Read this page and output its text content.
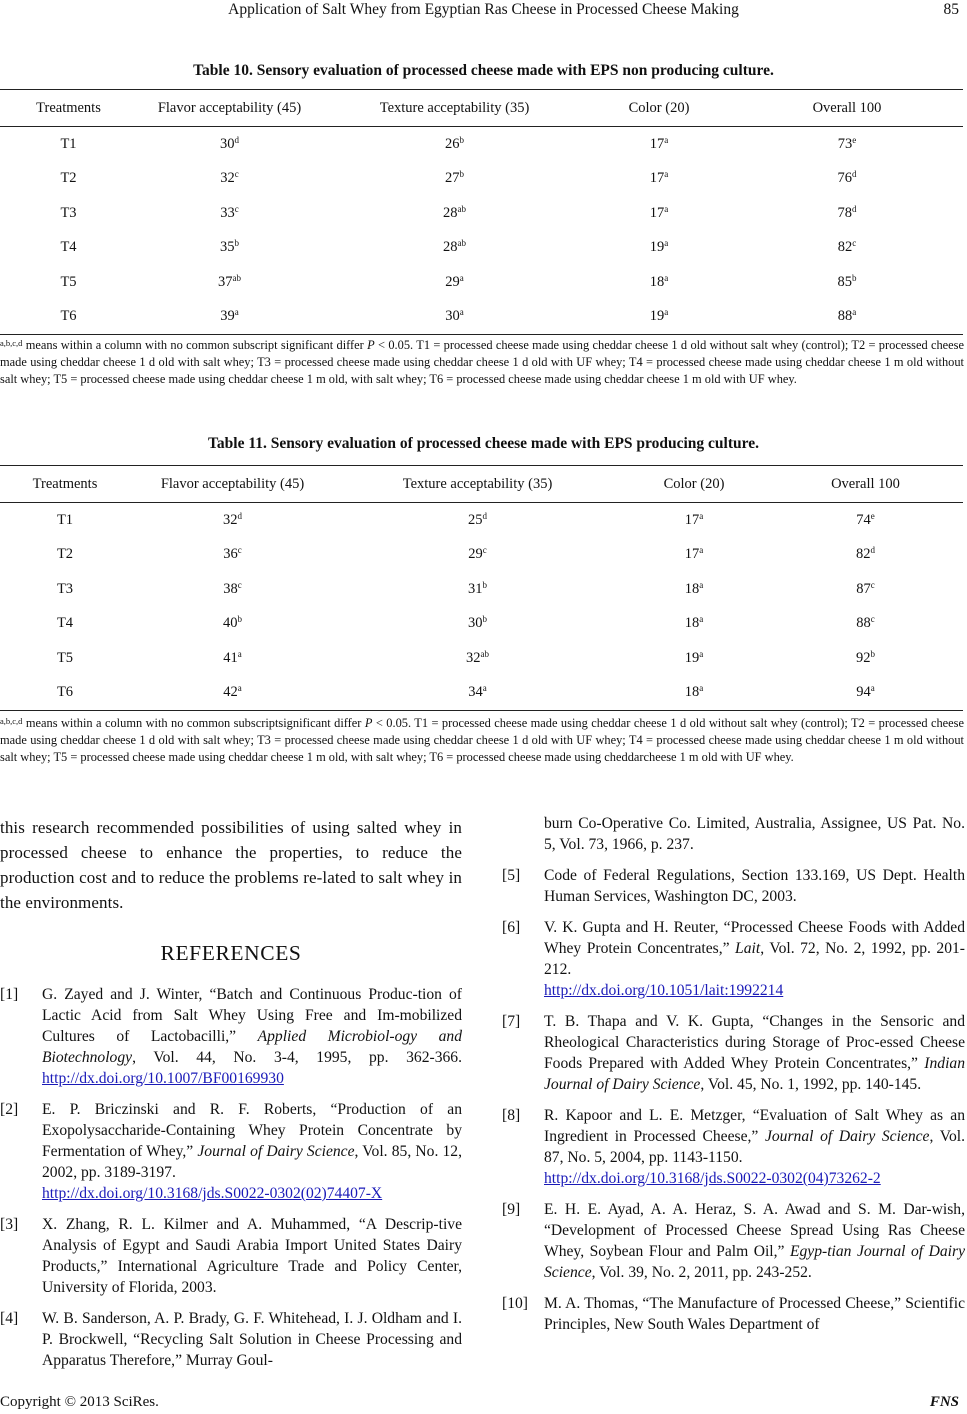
Application of Salt Whey from Egyptian Ras Cheese in Processed Cheese Making	85
Table 10. Sensory evaluation of processed cheese made with EPS non producing culture.
Treatments	Flavor acceptability (45)	Texture acceptability (35)	Color (20)	Overall 100
T1	30$^d$	26$^b$	17$^a$	73e
T2	32$^c$	27$^b$	17$^a$	76$^d$
T3	33$^c$	$28^{ab}$	17$^a$	78$^d$
T4	35$^b$	$28^{ab}$	19$^a$	82$^c$
T5	$37^{ab}$	29$^a$	18$^a$	85$^b$
T6	39$^a$	30$^a$	19$^a$	88$^a$
$^{a,b,c,d}$ means within a column with no common subscript significant differ P < 0.05. T1 = processed cheese made using cheddar cheese 1 d old without salt whey (control); T2 = processed cheese made using cheddar cheese 1 d old with salt whey; T3 = processed cheese made using cheddar cheese 1 d old with UF whey; T4 = processed cheese made using cheddar cheese 1 m old without salt whey; T5 = processed cheese made using cheddar cheese 1 m old, with salt whey; T6 = processed cheese made using cheddar cheese 1 m old with UF whey.
Table 11. Sensory evaluation of processed cheese made with EPS producing culture.
Treatments	Flavor acceptability (45)	Texture acceptability (35)	Color (20)	Overall 100
T1	32$^d$	25$^d$	17$^a$	74e
T2	36$^c$	29$^c$	17$^a$	82$^d$
T3	38$^c$	31$^b$	18$^a$	87$^c$
T4	40$^b$	30$^b$	18$^a$	88$^c$
T5	41$^a$	$32^{ab}$	19$^a$	92$^b$
T6	42$^a$	34$^a$	18$^a$	94$^a$
$^{a,b,c,d}$ means within a column with no common subscriptsignificant differ P < 0.05. T1 = processed cheese made using cheddar cheese 1 d old without salt whey (control); T2 = processed cheese made using cheddar cheese 1 d old with salt whey; T3 = processed cheese made using cheddar cheese 1 d old with UF whey; T4 = processed cheese made using cheddar cheese 1 m old without salt whey; T5 = processed cheese made using cheddar cheese 1 m old, with salt whey; T6 = processed cheese made using cheddarcheese 1 m old with UF whey.

this research recommended possibilities of using salted whey in processed cheese to enhance the properties, to reduce the production cost and to reduce the problems re-lated to salt whey in the environments.

REFERENCES
[1] G. Zayed and J. Winter, “Batch and Continuous Produc-tion of Lactic Acid from Salt Whey Using Free and Im-mobilized Cultures of Lactobacilli,” Applied Microbiol-ogy and Biotechnology, Vol. 44, No. 3-4, 1995, pp. 362-366. http://dx.doi.org/10.1007/BF00169930
[2] E. P. Briczinski and R. F. Roberts, “Production of an Exopolysaccharide-Containing Whey Protein Concentrate by Fermentation of Whey,” Journal of Dairy Science, Vol. 85, No. 12, 2002, pp. 3189-3197.
http://dx.doi.org/10.3168/jds.S0022-0302(02)74407-X
[3] X. Zhang, R. L. Kilmer and A. Muhammed, “A Descrip-tive Analysis of Egypt and Saudi Arabia Import United States Dairy Products,” International Agriculture Trade and Policy Center, University of Florida, 2003.
[4] W. B. Sanderson, A. P. Brady, G. F. Whitehead, I. J. Oldham and I. P. Brockwell, “Recycling Salt Solution in Cheese Processing and Apparatus Therefore,” Murray Goul-
burn Co-Operative Co. Limited, Australia, Assignee, US Pat. No. 5, Vol. 73, 1966, p. 237.
[5] Code of Federal Regulations, Section 133.169, US Dept. Health Human Services, Washington DC, 2003.
[6] V. K. Gupta and H. Reuter, “Processed Cheese Foods with Added Whey Protein Concentrates,” Lait, Vol. 72, No. 2, 1992, pp. 201-212.
http://dx.doi.org/10.1051/lait:1992214
[7] T. B. Thapa and V. K. Gupta, “Changes in the Sensoric and Rheological Characteristics during Storage of Proc-essed Cheese Foods Prepared with Added Whey Protein Concentrates,” Indian Journal of Dairy Science, Vol. 45, No. 1, 1992, pp. 140-145.
[8] R. Kapoor and L. E. Metzger, “Evaluation of Salt Whey as an Ingredient in Processed Cheese,” Journal of Dairy Science, Vol. 87, No. 5, 2004, pp. 1143-1150.
http://dx.doi.org/10.3168/jds.S0022-0302(04)73262-2
[9] E. H. E. Ayad, A. A. Heraz, S. A. Awad and S. M. Dar-wish, “Development of Processed Cheese Spread Using Ras Cheese Whey, Soybean Flour and Palm Oil,” Egyp-tian Journal of Dairy Science, Vol. 39, No. 2, 2011, pp. 243-252.
[10] M. A. Thomas, “The Manufacture of Processed Cheese,” Scientific Principles, New South Wales Department of
Copyright © 2013 SciRes.	FNS
